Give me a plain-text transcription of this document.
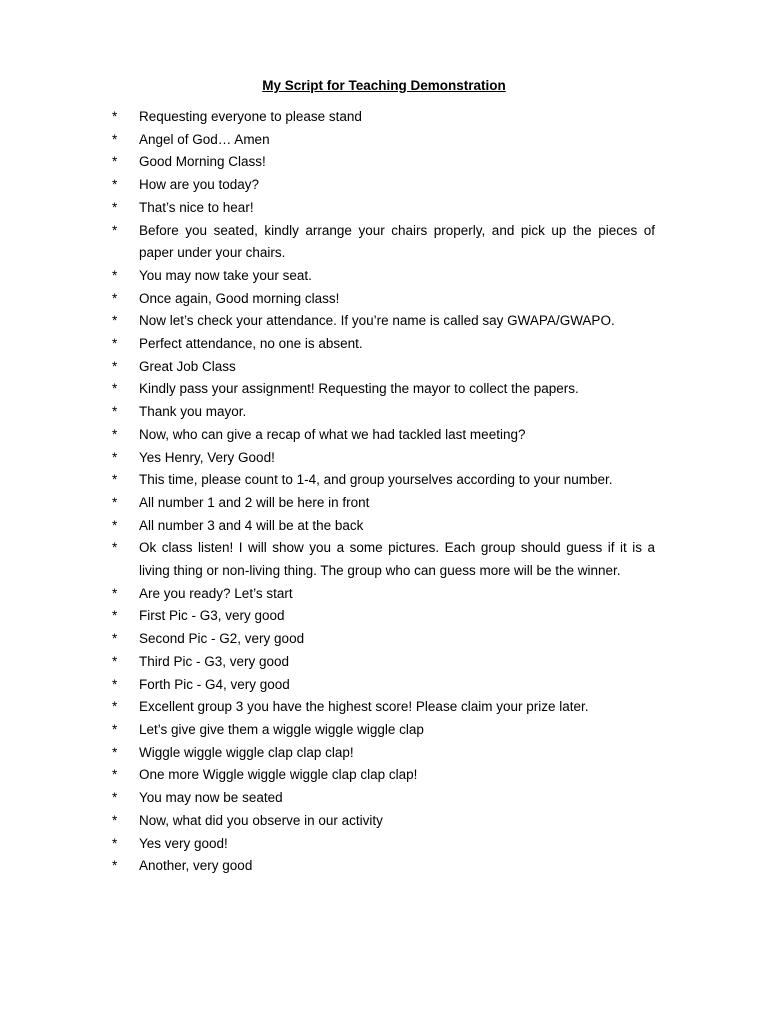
My Script for Teaching Demonstration
*	Requesting everyone to please stand
*	Angel of God… Amen
*	Good Morning Class!
*	How are you today?
*	That’s nice to hear!
*	Before you seated, kindly arrange your chairs properly, and pick up the pieces of paper under your chairs.
*	You may now take your seat.
*	Once again, Good morning class!
*	Now let’s check your attendance. If you’re name is called say GWAPA/GWAPO.
*	Perfect attendance, no one is absent.
*	Great Job Class
*	Kindly pass your assignment! Requesting the mayor to collect the papers.
*	Thank you mayor.
*	Now, who can give a recap of what we had tackled last meeting?
*	Yes Henry, Very Good!
*	This time, please count to 1-4, and group yourselves according to your number.
*	All number 1 and 2 will be here in front
*	All number 3 and 4 will be at the back
*	Ok class listen! I will show you a some pictures. Each group should guess if it is a living thing or non-living thing. The group who can guess more will be the winner.
*	Are you ready? Let’s start
*	First Pic - G3, very good
*	Second Pic - G2, very good
*	Third Pic - G3, very good
*	Forth Pic - G4, very good
*	Excellent group 3 you have the highest score! Please claim your prize later.
*	Let’s give give them a wiggle wiggle wiggle clap
*	Wiggle wiggle wiggle clap clap clap!
*	One more Wiggle wiggle wiggle clap clap clap!
*	You may now be seated
*	Now, what did you observe in our activity
*	Yes very good!
*	Another, very good
